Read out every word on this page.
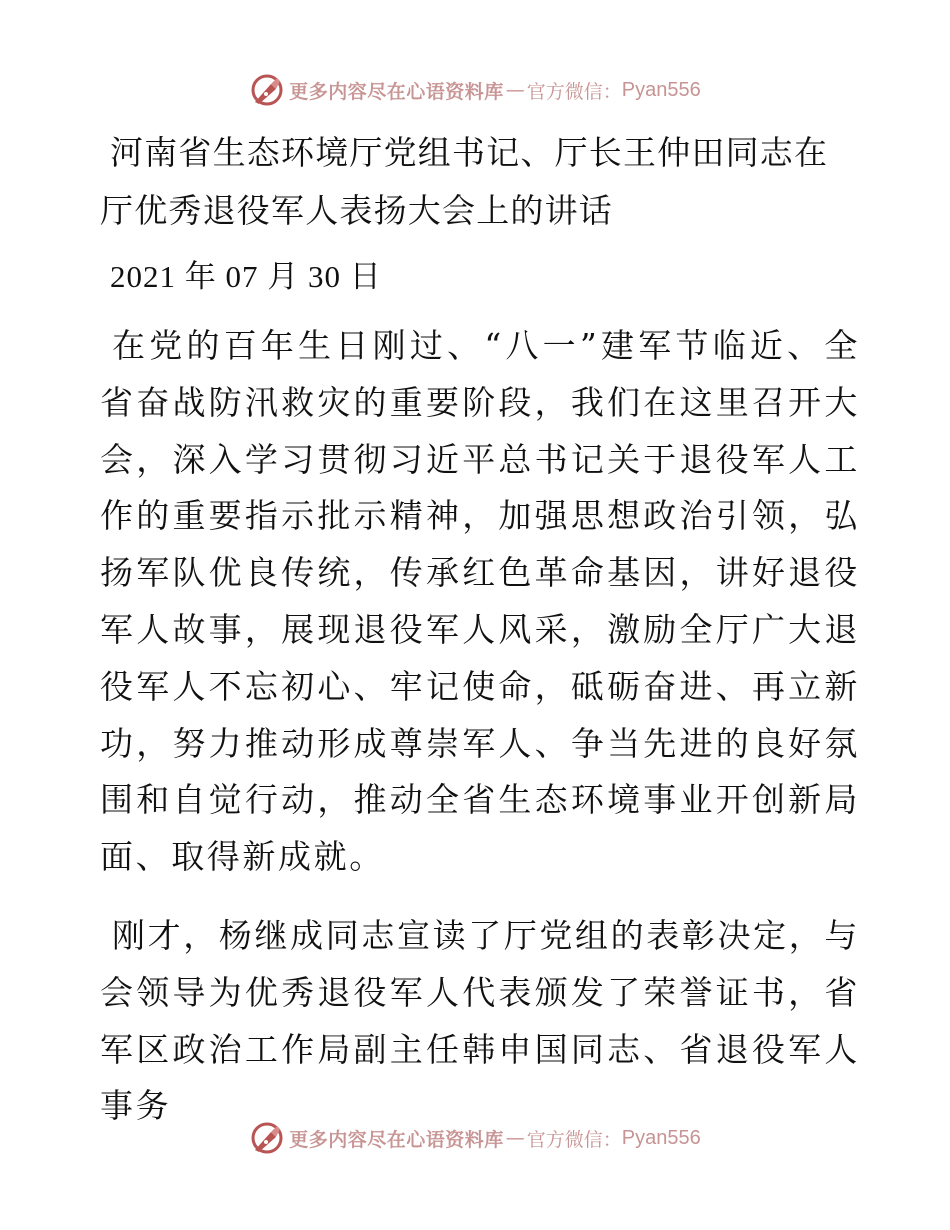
更多内容尽在心语资料库 — 官方微信： Pyan556
河南省生态环境厅党组书记、厅长王仲田同志在厅优秀退役军人表扬大会上的讲话

2021 年 07 月 30 日

在党的百年生日刚过、“八一”建军节临近、全省奋战防汛救灾的重要阶段，我们在这里召开大会，深入学习贯彻习近平总书记关于退役军人工作的重要指示批示精神，加强思想政治引领，弘扬军队优良传统，传承红色革命基因，讲好退役军人故事，展现退役军人风采，激励全厅广大退役军人不忘初心、牢记使命，砥砺奋进、再立新功，努力推动形成尊崇军人、争当先进的良好氛围和自觉行动，推动全省生态环境事业开创新局面、取得新成就。

刚才，杨继成同志宣读了厅党组的表彰决定，与会领导为优秀退役军人代表颁发了荣誉证书，省军区政治工作局副主任韩申国同志、省退役军人事务

更多内容尽在心语资料库 — 官方微信： Pyan556
